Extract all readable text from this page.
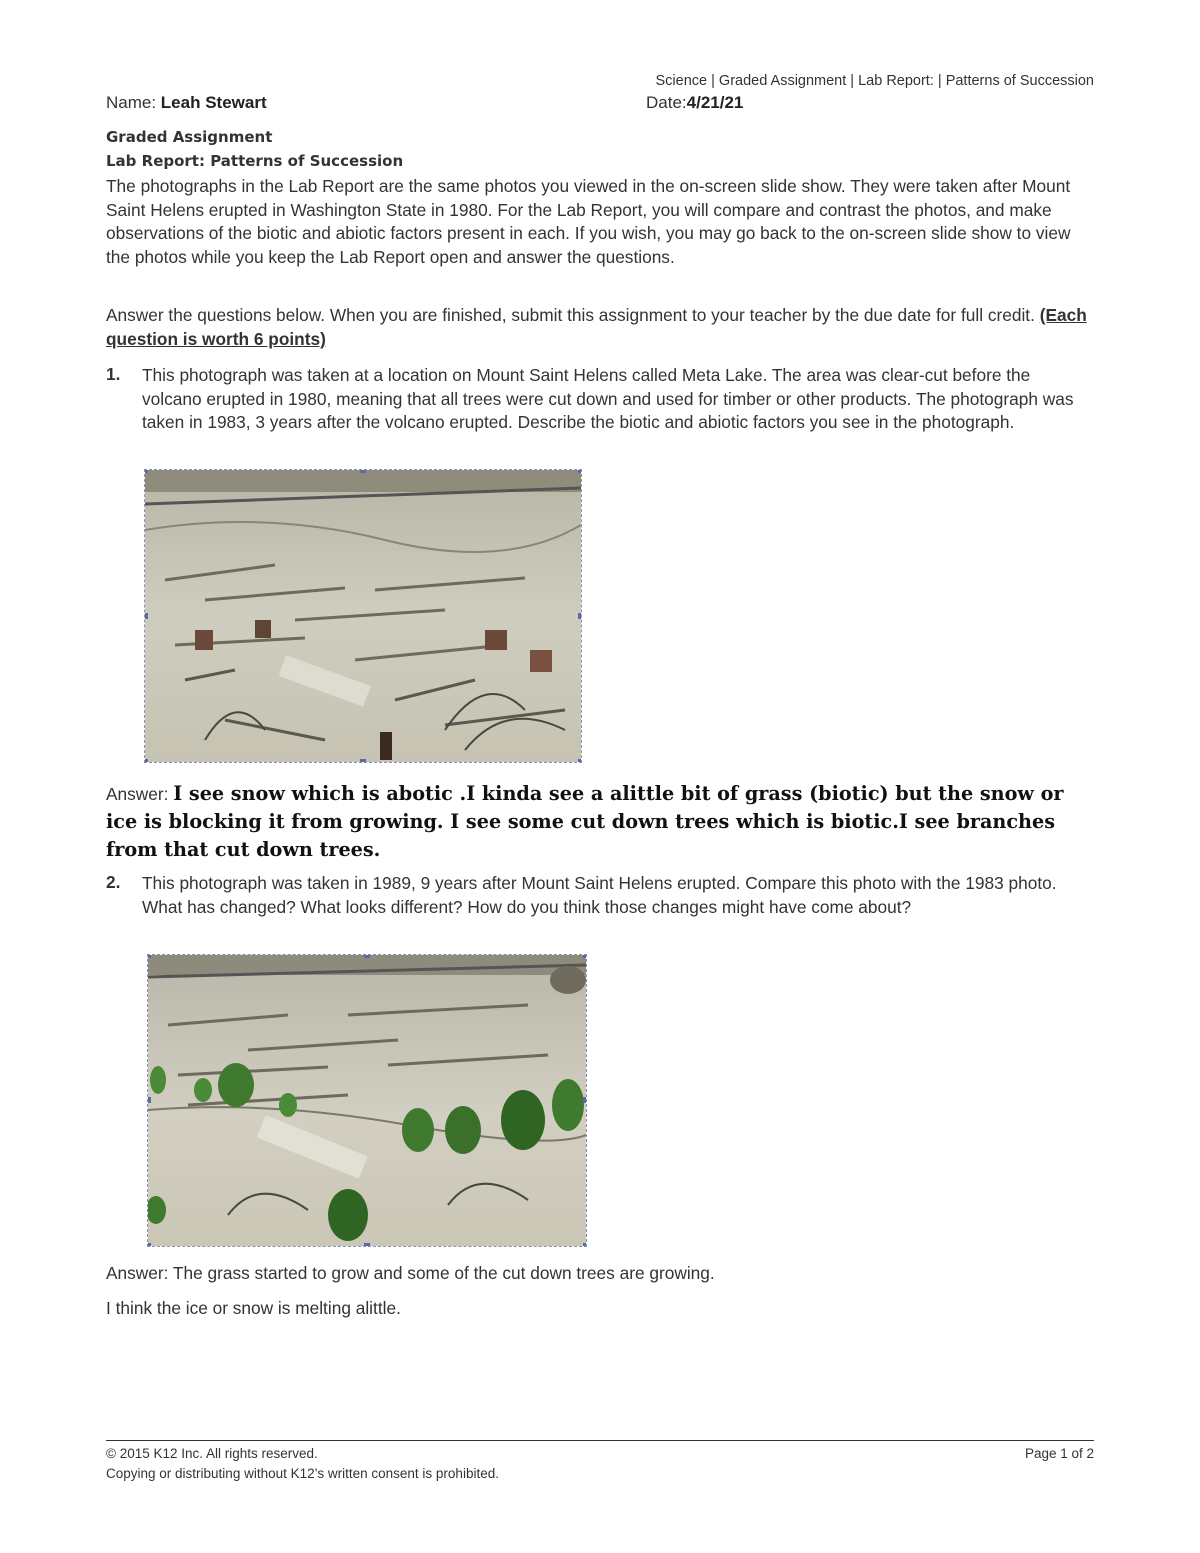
Science | Graded Assignment | Lab Report: | Patterns of Succession
Name: Leah Stewart	Date:4/21/21
Graded Assignment
Lab Report: Patterns of Succession
The photographs in the Lab Report are the same photos you viewed in the on-screen slide show. They were taken after Mount Saint Helens erupted in Washington State in 1980. For the Lab Report, you will compare and contrast the photos, and make observations of the biotic and abiotic factors present in each. If you wish, you may go back to the on-screen slide show to view the photos while you keep the Lab Report open and answer the questions.
Answer the questions below. When you are finished, submit this assignment to your teacher by the due date for full credit. (Each question is worth 6 points)
1. This photograph was taken at a location on Mount Saint Helens called Meta Lake. The area was clear-cut before the volcano erupted in 1980, meaning that all trees were cut down and used for timber or other products. The photograph was taken in 1983, 3 years after the volcano erupted. Describe the biotic and abiotic factors you see in the photograph.
Answer: I see snow which is abotic .I kinda see a alittle bit of grass (biotic) but the snow or ice is blocking it from growing. I see some cut down trees which is biotic.I see branches from that cut down trees.
2. This photograph was taken in 1989, 9 years after Mount Saint Helens erupted. Compare this photo with the 1983 photo. What has changed? What looks different? How do you think those changes might have come about?
Answer: The grass started to grow and some of the cut down trees are growing.
I think the ice or snow is melting alittle.
© 2015 K12 Inc. All rights reserved.
Copying or distributing without K12’s written consent is prohibited.
Page 1 of 2
